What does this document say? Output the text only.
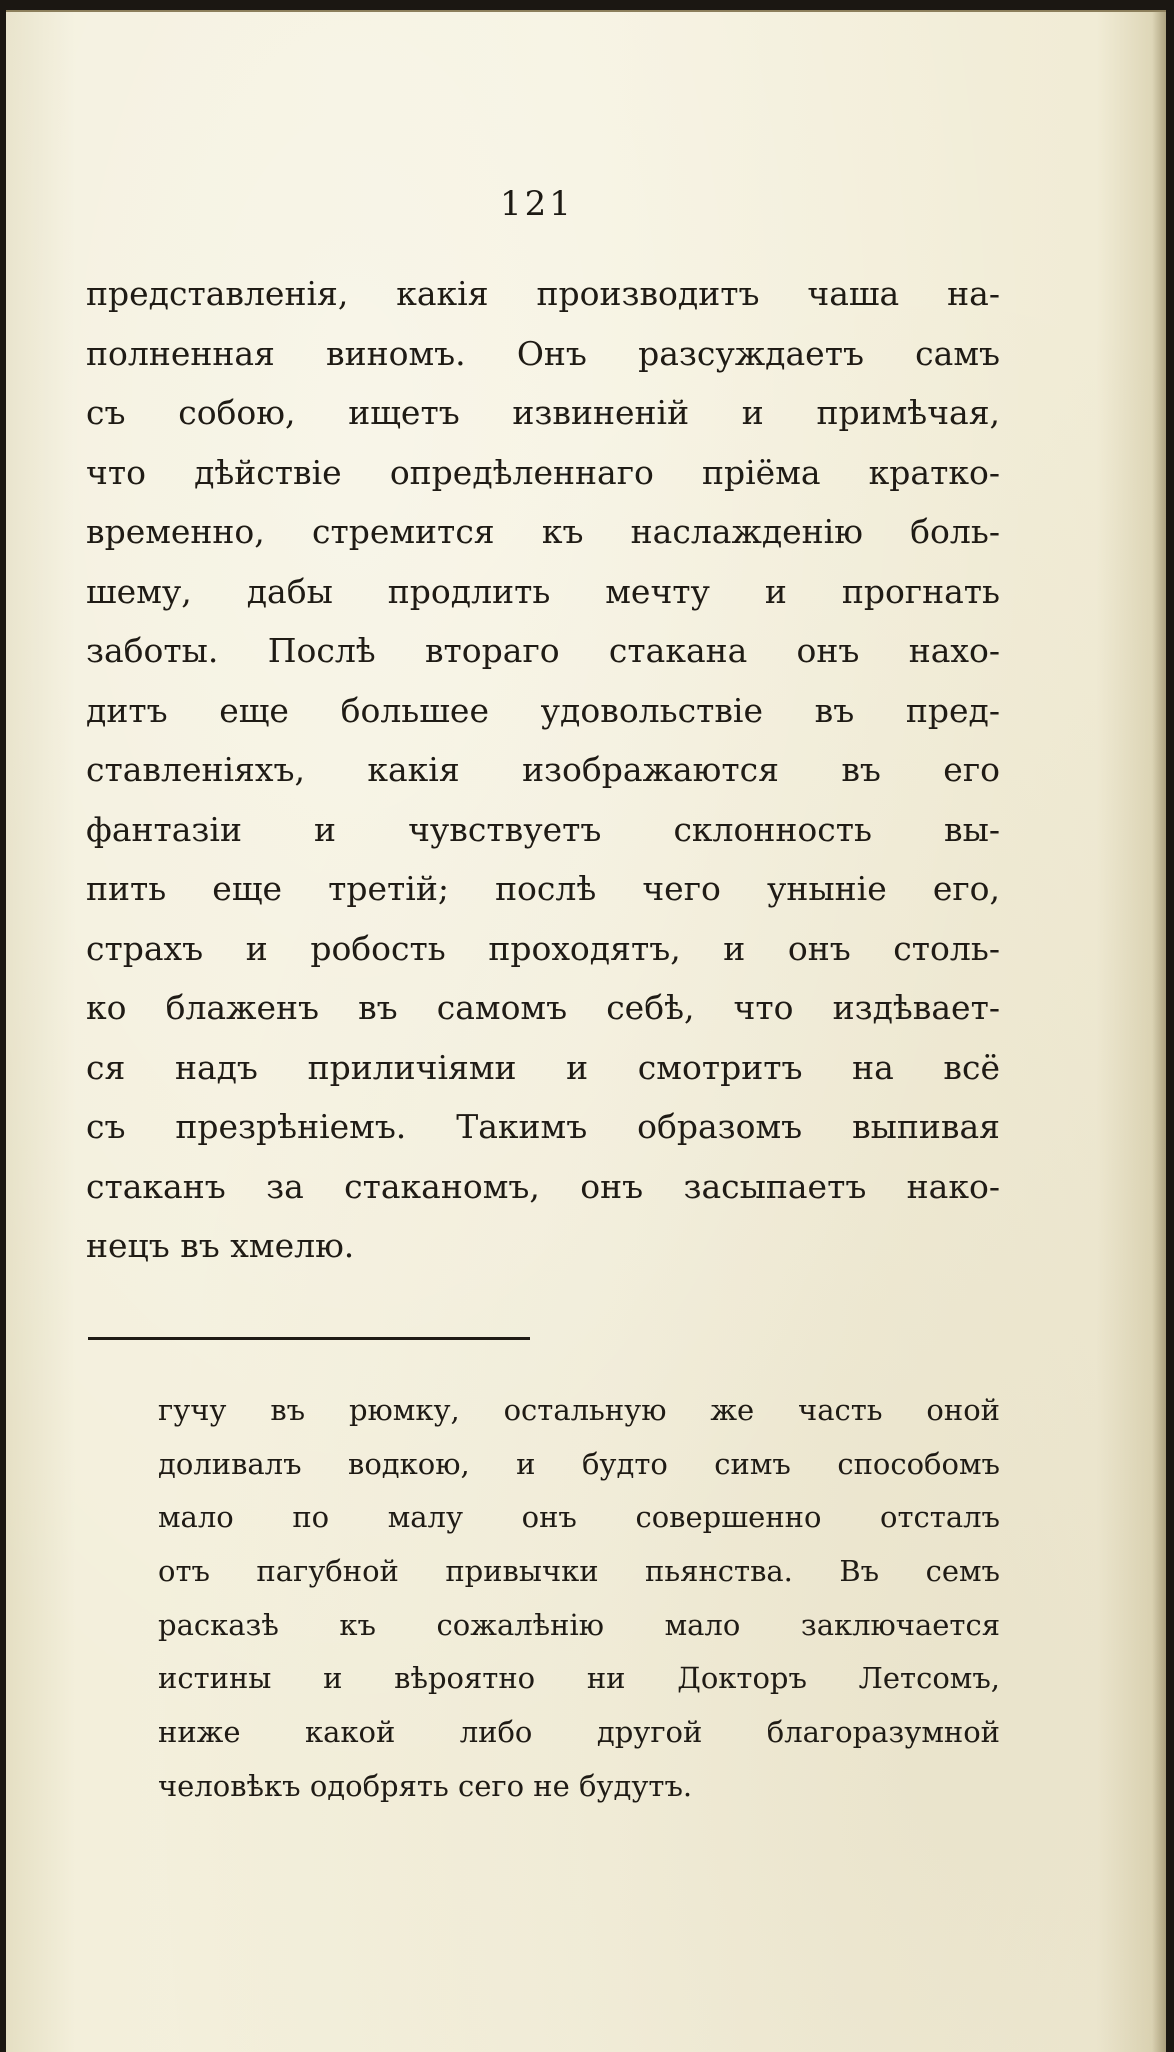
121
представленія, какія производитъ чаша на-
полненная виномъ. Онъ разсуждаетъ самъ
съ собою, ищетъ извиненій и примѣчая,
что дѣйствіе опредѣленнаго пріёма кратко-
временно, стремится къ наслажденію боль-
шему, дабы продлить мечту и прогнать
заботы. Послѣ втораго стакана онъ нахо-
дитъ еще большее удовольствіе въ пред-
ставленіяхъ, какія изображаются въ его
фантазіи и чувствуетъ склонность вы-
пить еще третій; послѣ чего уныніе его,
страхъ и робость проходятъ, и онъ столь-
ко блаженъ въ самомъ себѣ, что издѣвает-
ся надъ приличіями и смотритъ на всё
съ презрѣніемъ. Такимъ образомъ выпивая
стаканъ за стаканомъ, онъ засыпаетъ нако-
нецъ въ хмелю.
гучу въ рюмку, остальную же часть оной
доливалъ водкою, и будто симъ способомъ
мало по малу онъ совершенно отсталъ
отъ пагубной привычки пьянства. Въ семъ
расказѣ къ сожалѣнію мало заключается
истины и вѣроятно ни Докторъ Летсомъ,
ниже какой либо другой благоразумной
человѣкъ одобрять сего не будутъ.
